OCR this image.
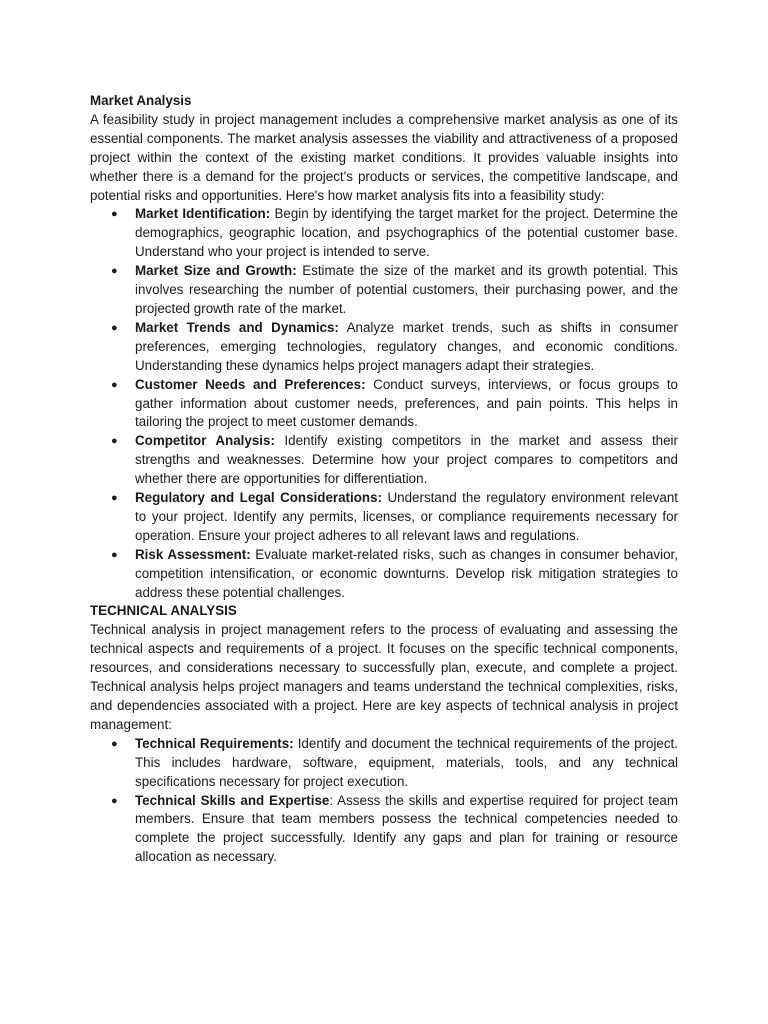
Market Analysis

A feasibility study in project management includes a comprehensive market analysis as one of its essential components. The market analysis assesses the viability and attractiveness of a proposed project within the context of the existing market conditions. It provides valuable insights into whether there is a demand for the project's products or services, the competitive landscape, and potential risks and opportunities. Here's how market analysis fits into a feasibility study:

● Market Identification: Begin by identifying the target market for the project. Determine the demographics, geographic location, and psychographics of the potential customer base. Understand who your project is intended to serve.
● Market Size and Growth: Estimate the size of the market and its growth potential. This involves researching the number of potential customers, their purchasing power, and the projected growth rate of the market.
● Market Trends and Dynamics: Analyze market trends, such as shifts in consumer preferences, emerging technologies, regulatory changes, and economic conditions. Understanding these dynamics helps project managers adapt their strategies.
● Customer Needs and Preferences: Conduct surveys, interviews, or focus groups to gather information about customer needs, preferences, and pain points. This helps in tailoring the project to meet customer demands.
● Competitor Analysis: Identify existing competitors in the market and assess their strengths and weaknesses. Determine how your project compares to competitors and whether there are opportunities for differentiation.
● Regulatory and Legal Considerations: Understand the regulatory environment relevant to your project. Identify any permits, licenses, or compliance requirements necessary for operation. Ensure your project adheres to all relevant laws and regulations.
● Risk Assessment: Evaluate market-related risks, such as changes in consumer behavior, competition intensification, or economic downturns. Develop risk mitigation strategies to address these potential challenges.
TECHNICAL ANALYSIS

Technical analysis in project management refers to the process of evaluating and assessing the technical aspects and requirements of a project. It focuses on the specific technical components, resources, and considerations necessary to successfully plan, execute, and complete a project. Technical analysis helps project managers and teams understand the technical complexities, risks, and dependencies associated with a project. Here are key aspects of technical analysis in project management:

● Technical Requirements: Identify and document the technical requirements of the project. This includes hardware, software, equipment, materials, tools, and any technical specifications necessary for project execution.
● Technical Skills and Expertise: Assess the skills and expertise required for project team members. Ensure that team members possess the technical competencies needed to complete the project successfully. Identify any gaps and plan for training or resource allocation as necessary.
